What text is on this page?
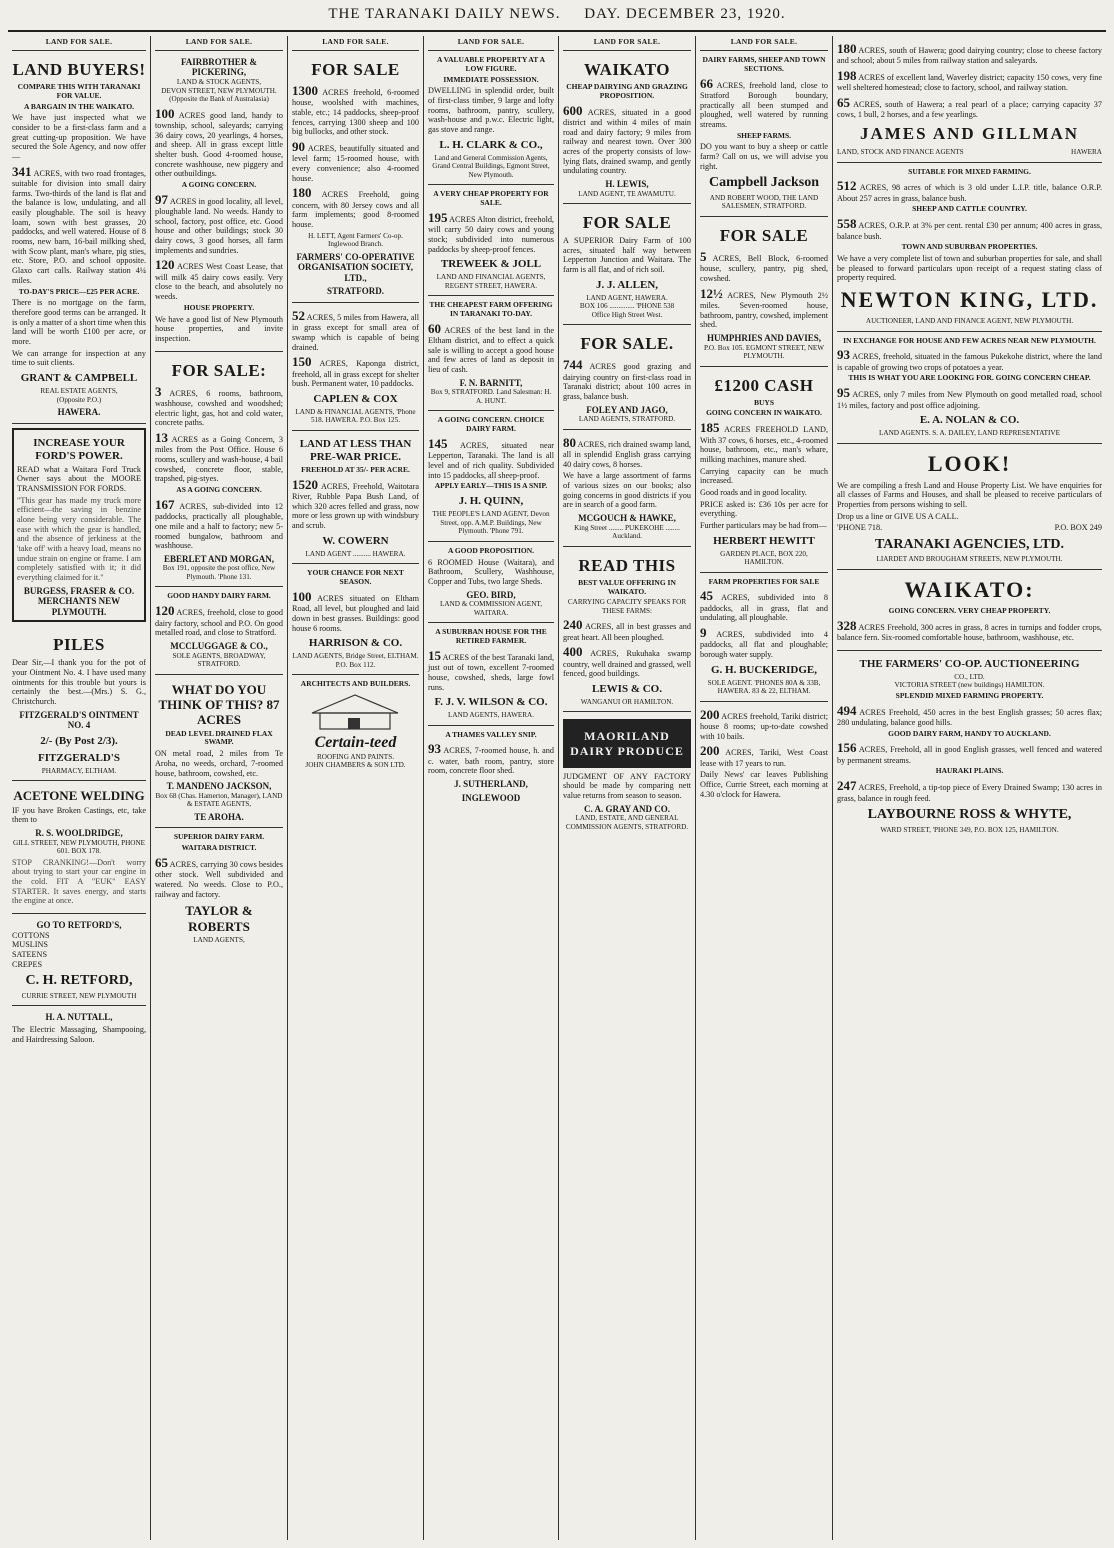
THE TARANAKI DAILY NEWS. DAY. DECEMBER 23, 1920.
LAND FOR SALE.
LAND BUYERS!
COMPARE THIS WITH TARANAKI FOR VALUE.
A BARGAIN IN THE WAIKATO.

We have just inspected what we consider to be a first-class farm and a great cutting-up proposition. We have secured the Sole Agency, and now offer—

341 ACRES, with two road frontages, suitable for division into small dairy farms. Two-thirds of the land is flat and the balance is low, undulating, and all easily ploughable. The soil is heavy loam, sown with best grasses, 20 paddocks, and well watered. House of 8 rooms, new barn, 16-bail milking shed, with Scow plant, man's whare, pig sties, etc. Store, P.O. and school opposite. Glaxo cart calls. Railway station 4¼ miles.

TO-DAY'S PRICE—£25 PER ACRE.

There is no mortgage on the farm, therefore good terms can be arranged. It is only a matter of a short time when this land will be worth £100 per acre, or more.

We can arrange for inspection at any time to suit clients.

GRANT & CAMPBELL
REAL ESTATE AGENTS,
(Opposite P.O.)
HAWERA.
INCREASE YOUR FORD'S POWER.

READ what a Waitara Ford Truck Owner says about the MOORE TRANSMISSION FOR FORDS.

"This gear has made my truck more efficient—the saving in benzine alone being very considerable. The ease with which the gear is handled, and the absence of jerkiness at the 'take off' with a heavy load, means no undue strain on engine or frame. I am completely satisfied with it; it did everything claimed for it."

BURGESS, FRASER & CO. MERCHANTS NEW PLYMOUTH.
PILES

Dear Sir,—I thank you for the pot of your Ointment No. 4. I have used many ointments for this trouble but yours is certainly the best.—(Mrs.) S. G., Christchurch.

FITZGERALD'S OINTMENT NO. 4
2/- (By Post 2/3).
FITZGERALD'S
PHARMACY, ELTHAM.
ACETONE WELDING

IF you have Broken Castings, etc, take them to

R. S. WOOLDRIDGE,
GILL STREET, NEW PLYMOUTH, PHONE 601. BOX 178.

STOP CRANKING!—Don't worry about trying to start your car engine in the cold. FIT A "EUK" EASY STARTER. It saves energy, and starts the engine at once.

GO TO RETFORD'S,
COTTONS
MUSLINS
SATEENS
CREPES
C. H. RETFORD,
CURRIE STREET, NEW PLYMOUTH
H. A. NUTTALL,

The Electric Massaging, Shampooing, and Hairdressing Saloon.

LAND FOR SALE.
FAIRBROTHER & PICKERING,
LAND & STOCK AGENTS,
DEVON STREET, NEW PLYMOUTH. (Opposite the Bank of Australasia)

100 ACRES good land, handy to township, school, saleyards; carrying 36 dairy cows, 20 yearlings, 4 horses, and sheep. All in grass except little shelter bush. Good 4-roomed house, concrete washhouse, new piggery and other outbuildings.

A GOING CONCERN.

97 ACRES in good locality, all level, ploughable land. No weeds. Handy to school, factory, post office, etc. Good house and other buildings; stock 30 dairy cows, 3 good horses, all farm implements and sundries.

120 ACRES West Coast Lease, that will milk 45 dairy cows easily. Very close to the beach, and absolutely no weeds.

HOUSE PROPERTY.

We have a good list of New Plymouth house properties, and invite inspection.

FOR SALE:

3 ACRES, 6 rooms, bathroom, washhouse, cowshed and woodshed; electric light, gas, hot and cold water, concrete paths.

13 ACRES as a Going Concern, 3 miles from the Post Office. House 6 rooms, scullery and wash-house, 4 bail cowshed, concrete floor, stable, trapshed, pig-styes.

AS A GOING CONCERN.

167 ACRES, sub-divided into 12 paddocks, practically all ploughable, one mile and a half to factory; new 5-roomed bungalow, bathroom and washhouse.

EBERLET AND MORGAN,
Box 191, opposite the post office, New Plymouth. 'Phone 131.
GOOD HANDY DAIRY FARM.

120 ACRES, freehold, close to good dairy factory, school and P.O. On good metalled road, and close to Stratford.

MCCLUGGAGE & CO.,
SOLE AGENTS, BROADWAY, STRATFORD.
WHAT DO YOU THINK OF THIS? 87 ACRES
DEAD LEVEL DRAINED FLAX SWAMP.

ON metal road, 2 miles from Te Aroha, no weeds, orchard, 7-roomed house, bathroom, cowshed, etc.

T. MANDENO JACKSON,
Box 68 (Chas. Hamerton, Manager), LAND & ESTATE AGENTS,
TE AROHA.
SUPERIOR DAIRY FARM.
WAITARA DISTRICT.

65 ACRES, carrying 30 cows besides other stock. Well subdivided and watered. No weeds. Close to P.O., railway and factory.

TAYLOR & ROBERTS
LAND AGENTS,
LAND FOR SALE.
FOR SALE

1300 ACRES freehold, 6-roomed house, woolshed with machines, stable, etc.; 14 paddocks, sheep-proof fences, carrying 1300 sheep and 100 big bullocks, and other stock.

90 ACRES, beautifully situated and level farm; 15-roomed house, with every convenience; also 4-roomed house.

180 ACRES Freehold, going concern, with 80 Jersey cows and all farm implements; good 8-roomed house.

H. LETT, Agent Farmers' Co-op. Inglewood Branch.
FARMERS' CO-OPERATIVE ORGANISATION SOCIETY, LTD.,
STRATFORD.

52 ACRES, 5 miles from Hawera, all in grass except for small area of swamp which is capable of being drained.

150 ACRES, Kaponga district, freehold, all in grass except for shelter bush. Permanent water, 10 paddocks.

CAPLEN & COX
LAND & FINANCIAL AGENTS, 'Phone 518. HAWERA. P.O. Box 125.
LAND AT LESS THAN PRE-WAR PRICE.
FREEHOLD AT 35/- PER ACRE.

1520 ACRES, Freehold, Waitotara River, Rubble Papa Bush Land, of which 320 acres felled and grass, now more or less grown up with windsbury and scrub.

W. COWERN
LAND AGENT .......... HAWERA.
YOUR CHANCE FOR NEXT SEASON.

100 ACRES situated on Eltham Road, all level, but ploughed and laid down in best grasses. Buildings: good house 6 rooms.

HARRISON & CO.
LAND AGENTS, Bridge Street, ELTHAM. P.O. Box 112.
ARCHITECTS AND BUILDERS.
Certain-teed
ROOFING AND PAINTS.
JOHN CHAMBERS & SON LTD.
LAND FOR SALE.
A VALUABLE PROPERTY AT A LOW FIGURE.
IMMEDIATE POSSESSION.

DWELLING in splendid order, built of first-class timber, 9 large and lofty rooms, bathroom, pantry, scullery, wash-house and p.w.c. Electric light, gas stove and range.

L. H. CLARK & CO.,
Land and General Commission Agents, Grand Central Buildings, Egmont Street, New Plymouth.
A VERY CHEAP PROPERTY FOR SALE.

195 ACRES Alton district, freehold, will carry 50 dairy cows and young stock; subdivided into numerous paddocks by sheep-proof fences.

TREWEEK & JOLL
LAND AND FINANCIAL AGENTS, REGENT STREET, HAWERA.
THE CHEAPEST FARM OFFERING IN TARANAKI TO-DAY.

60 ACRES of the best land in the Eltham district, and to effect a quick sale is willing to accept a good house and few acres of land as deposit in lieu of cash.

F. N. BARNITT,
Box 9, STRATFORD. Land Salesman: H. A. HUNT.
A GOING CONCERN. CHOICE DAIRY FARM.

145 ACRES, situated near Lepperton, Taranaki. The land is all level and of rich quality. Subdivided into 15 paddocks, all sheep-proof.

APPLY EARLY—THIS IS A SNIP.
J. H. QUINN,
THE PEOPLE'S LAND AGENT, Devon Street, opp. A.M.P. Buildings, New Plymouth. 'Phone 791.
A GOOD PROPOSITION.

6 ROOMED House (Waitara), and Bathroom, Scullery, Washhouse, Copper and Tubs, two large Sheds.

GEO. BIRD,
LAND & COMMISSION AGENT, WAITARA.
A SUBURBAN HOUSE FOR THE RETIRED FARMER.

15 ACRES of the best Taranaki land, just out of town, excellent 7-roomed house, cowshed, sheds, large fowl runs.

F. J. V. WILSON & CO.
LAND AGENTS, HAWERA.
A THAMES VALLEY SNIP.

93 ACRES, 7-roomed house, h. and c. water, bath room, pantry, store room, concrete floor shed.

J. SUTHERLAND,
INGLEWOOD
LAND FOR SALE.
WAIKATO
CHEAP DAIRYING AND GRAZING PROPOSITION.

600 ACRES, situated in a good district and within 4 miles of main road and dairy factory; 9 miles from railway and nearest town. Over 300 acres of the property consists of low-lying flats, drained swamp, and gently undulating country.

H. LEWIS,
LAND AGENT, TE AWAMUTU.
FOR SALE

A SUPERIOR Dairy Farm of 100 acres, situated half way between Lepperton Junction and Waitara. The farm is all flat, and of rich soil.

J. J. ALLEN,
LAND AGENT, HAWERA.
BOX 106 .............. 'PHONE 538
Office High Street West.
FOR SALE.

744 ACRES good grazing and dairying country on first-class road in Taranaki district; about 100 acres in grass, balance bush.

FOLEY AND JAGO,
LAND AGENTS, STRATFORD.

80 ACRES, rich drained swamp land, all in splendid English grass carrying 40 dairy cows, 8 horses.

We have a large assortment of farms of various sizes on our books; also going concerns in good districts if you are in search of a good farm.

MCGOUCH & HAWKE,
King Street ........ PUKEKOHE ........ Auckland.
READ THIS
BEST VALUE OFFERING IN WAIKATO.
CARRYING CAPACITY SPEAKS FOR THESE FARMS:

240 ACRES, all in best grasses and great heart. All been ploughed.

400 ACRES, Rukuhaka swamp country, well drained and grassed, well fenced, good buildings.

LEWIS & CO.
WANGANUI OR HAMILTON.
MAORILAND DAIRY PRODUCE

JUDGMENT OF ANY FACTORY should be made by comparing nett value returns from season to season.

C. A. GRAY AND CO.
LAND, ESTATE, AND GENERAL COMMISSION AGENTS, STRATFORD.
LAND FOR SALE.
DAIRY FARMS, SHEEP AND TOWN SECTIONS.

66 ACRES, freehold land, close to Stratford Borough boundary, practically all been stumped and ploughed, well watered by running streams.

SHEEP FARMS.

DO you want to buy a sheep or cattle farm? Call on us, we will advise you right.

Campbell Jackson
AND ROBERT WOOD, THE LAND SALESMEN, STRATFORD.
FOR SALE

5 ACRES, Bell Block, 6-roomed house, scullery, pantry, pig shed, cowshed.

12½ ACRES, New Plymouth 2½ miles. Seven-roomed house, bathroom, pantry, cowshed, implement shed.

HUMPHRIES AND DAVIES,
P.O. Box 105. EGMONT STREET, NEW PLYMOUTH.
£1200 CASH
BUYS
GOING CONCERN IN WAIKATO.

185 ACRES FREEHOLD LAND, With 37 cows, 6 horses, etc., 4-roomed house, bathroom, etc., man's whare, milking machines, manure shed.

Carrying capacity can be much increased.

Good roads and in good locality.

PRICE asked is: £36 10s per acre for everything.

Further particulars may be had from—

HERBERT HEWITT
GARDEN PLACE, BOX 220, HAMILTON.
FARM PROPERTIES FOR SALE

45 ACRES, subdivided into 8 paddocks, all in grass, flat and undulating, all ploughable.

9 ACRES, subdivided into 4 paddocks, all flat and ploughable; borough water supply.

G. H. BUCKERIDGE,
SOLE AGENT. 'PHONES 80A & 33B, HAWERA. 83 & 22, ELTHAM.

200 ACRES freehold, Tariki district; house 8 rooms; up-to-date cowshed with 10 bails.

200 ACRES, Tariki, West Coast lease with 17 years to run.

Daily News' car leaves Publishing Office, Currie Street, each morning at 4.30 o'clock for Hawera.

180 ACRES, south of Hawera; good dairying country; close to cheese factory and school; about 5 miles from railway station and saleyards.

198 ACRES of excellent land, Waverley district; capacity 150 cows, very fine well sheltered homestead; close to factory, school, and railway station.

65 ACRES, south of Hawera; a real pearl of a place; carrying capacity 37 cows, 1 bull, 2 horses, and a few yearlings.

JAMES AND GILLMAN
LAND, STOCK AND FINANCE AGENTS	HAWERA
SUITABLE FOR MIXED FARMING.

512 ACRES, 98 acres of which is 3 old under L.I.P. title, balance O.R.P. About 257 acres in grass, balance bush.

SHEEP AND CATTLE COUNTRY.

558 ACRES, O.R.P. at 3% per cent. rental £30 per annum; 400 acres in grass, balance bush.

TOWN AND SUBURBAN PROPERTIES.

We have a very complete list of town and suburban properties for sale, and shall be pleased to forward particulars upon receipt of a request stating class of property required.

NEWTON KING, LTD.
AUCTIONEER, LAND AND FINANCE AGENT, NEW PLYMOUTH.
IN EXCHANGE FOR HOUSE AND FEW ACRES NEAR NEW PLYMOUTH.

93 ACRES, freehold, situated in the famous Pukekohe district, where the land is capable of growing two crops of potatoes a year.

THIS IS WHAT YOU ARE LOOKING FOR. GOING CONCERN CHEAP.

95 ACRES, only 7 miles from New Plymouth on good metalled road, school 1½ miles, factory and post office adjoining.

E. A. NOLAN & CO.
LAND AGENTS. S. A. DAILEY, LAND REPRESENTATIVE
LOOK!

We are compiling a fresh Land and House Property List. We have enquiries for all classes of Farms and Houses, and shall be pleased to receive particulars of Properties from persons wishing to sell.

Drop us a line or GIVE US A CALL.

'PHONE 718.	P.O. BOX 249
TARANAKI AGENCIES, LTD.
LIARDET AND BROUGHAM STREETS, NEW PLYMOUTH.
WAIKATO:
GOING CONCERN. VERY CHEAP PROPERTY.

328 ACRES Freehold, 300 acres in grass, 8 acres in turnips and fodder crops, balance fern. Six-roomed comfortable house, bathroom, washhouse, etc.

THE FARMERS' CO-OP. AUCTIONEERING
CO., LTD.
VICTORIA STREET (new buildings) HAMILTON.
SPLENDID MIXED FARMING PROPERTY.

494 ACRES Freehold, 450 acres in the best English grasses; 50 acres flax; 280 undulating, balance good hills.

GOOD DAIRY FARM, HANDY TO AUCKLAND.

156 ACRES, Freehold, all in good English grasses, well fenced and watered by permanent streams.

HAURAKI PLAINS.

247 ACRES, Freehold, a tip-top piece of Every Drained Swamp; 130 acres in grass, balance in rough feed.

LAYBOURNE ROSS & WHYTE,
WARD STREET, 'PHONE 349, P.O. BOX 125, HAMILTON.
